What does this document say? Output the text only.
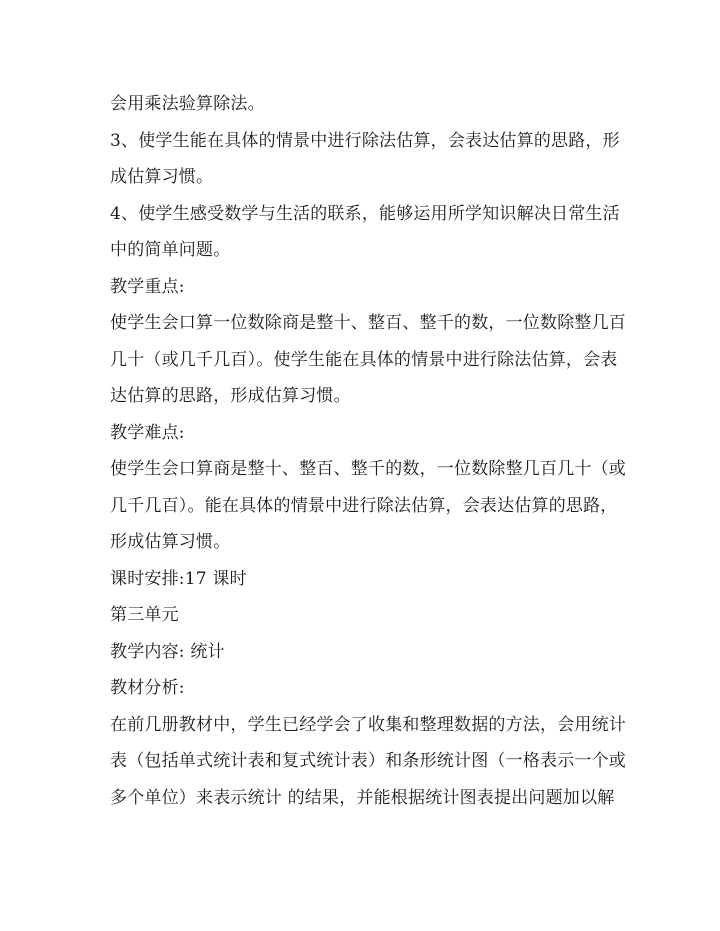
会用乘法验算除法。
3、使学生能在具体的情景中进行除法估算，会表达估算的思路，形
成估算习惯。
4、使学生感受数学与生活的联系，能够运用所学知识解决日常生活
中的简单问题。
教学重点:
使学生会口算一位数除商是整十、整百、整千的数，一位数除整几百
几十（或几千几百）。使学生能在具体的情景中进行除法估算，会表
达估算的思路，形成估算习惯。
教学难点:
使学生会口算商是整十、整百、整千的数，一位数除整几百几十（或
几千几百）。能在具体的情景中进行除法估算，会表达估算的思路，
形成估算习惯。
课时安排:17 课时
第三单元
教学内容: 统计
教材分析:
在前几册教材中，学生已经学会了收集和整理数据的方法，会用统计
表（包括单式统计表和复式统计表）和条形统计图（一格表示一个或
多个单位）来表示统计 的结果，并能根据统计图表提出问题加以解
